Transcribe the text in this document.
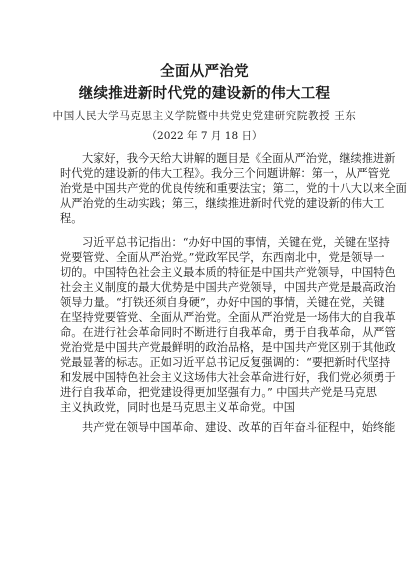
全面从严治党
继续推进新时代党的建设新的伟大工程
中国人民大学马克思主义学院暨中共党史党建研究院教授 王东
（2022 年 7 月 18 日）
大家好，我今天给大讲解的题目是《全面从严治党，继续推进新
时代党的建设新的伟大工程》。我分三个问题讲解：第一，从严管党
治党是中国共产党的优良传统和重要法宝；第二，党的十八大以来全面
从严治党的生动实践；第三，继续推进新时代党的建设新的伟大工
程。
习近平总书记指出：“办好中国的事情，关键在党，关键在坚持
党要管党、全面从严治党。”党政军民学，东西南北中，党是领导一
切的。中国特色社会主义最本质的特征是中国共产党领导，中国特色
社会主义制度的最大优势是中国共产党领导，中国共产党是最高政治
领导力量。“打铁还须自身硬”，办好中国的事情，关键在党，关键
在坚持党要管党、全面从严治党。全面从严治党是一场伟大的自我革
命。在进行社会革命同时不断进行自我革命，勇于自我革命，从严管
党治党是中国共产党最鲜明的政治品格，是中国共产党区别于其他政
党最显著的标志。正如习近平总书记反复强调的：“要把新时代坚持
和发展中国特色社会主义这场伟大社会革命进行好，我们党必须勇于
进行自我革命，把党建设得更加坚强有力。” 中国共产党是马克思
主义执政党，同时也是马克思主义革命党。中国
共产党在领导中国革命、建设、改革的百年奋斗征程中，始终能
